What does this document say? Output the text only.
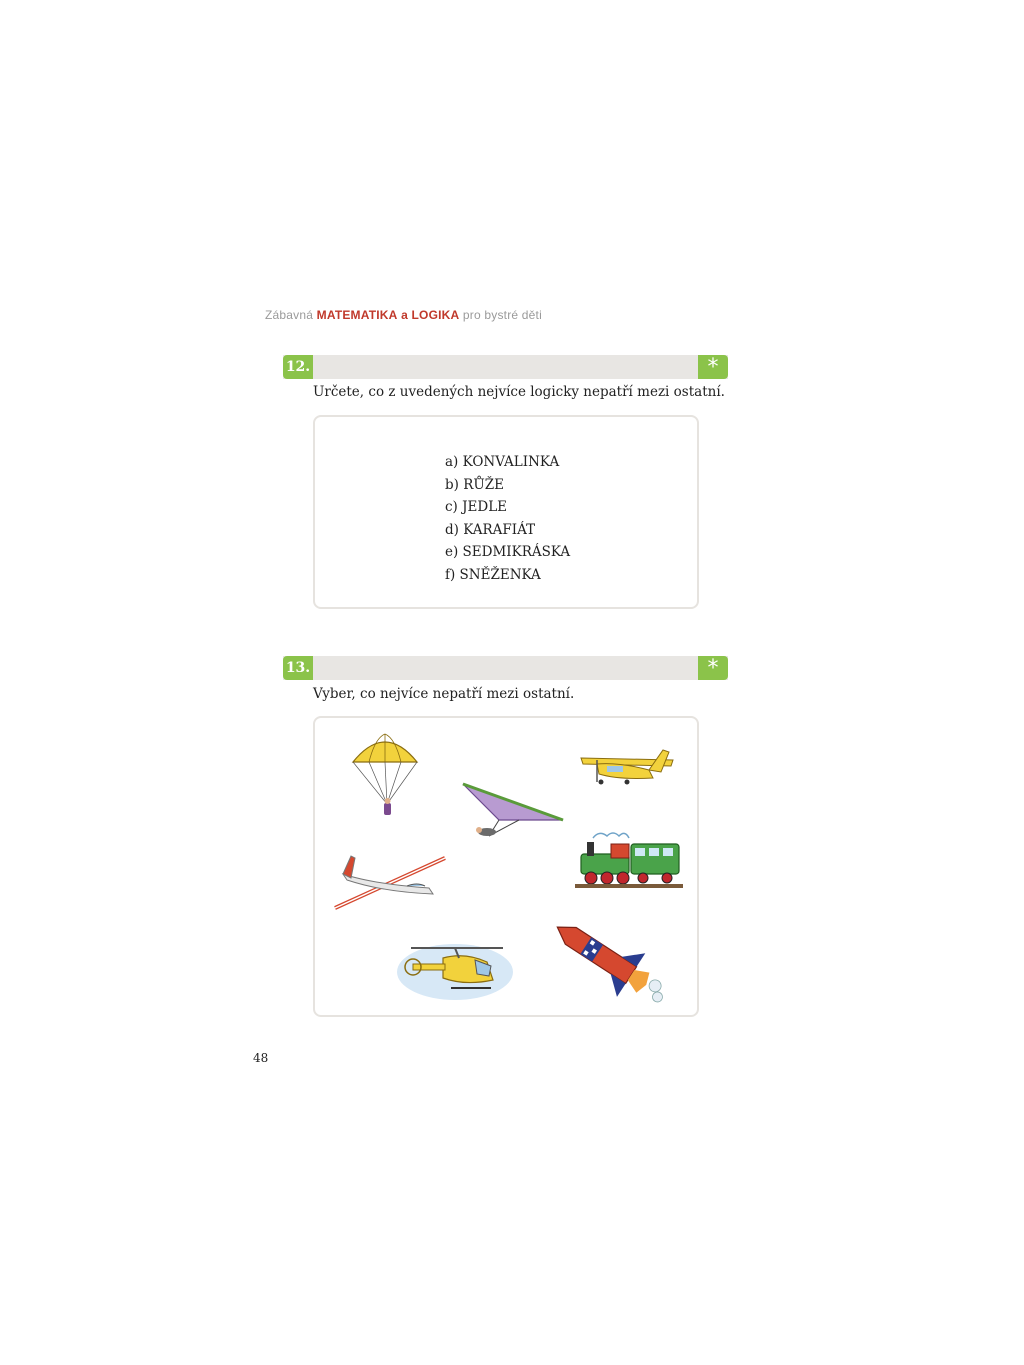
Zábavná MATEMATIKA a LOGIKA pro bystré děti
12.	*
Určete, co z uvedených nejvíce logicky nepatří mezi ostatní.
a) KONVALINKA
b) RŮŽE
c) JEDLE
d) KARAFIÁT
e) SEDMIKRÁSKA
f) SNĚŽENKA
13.	*
Vyber, co nejvíce nepatří mezi ostatní.
48
